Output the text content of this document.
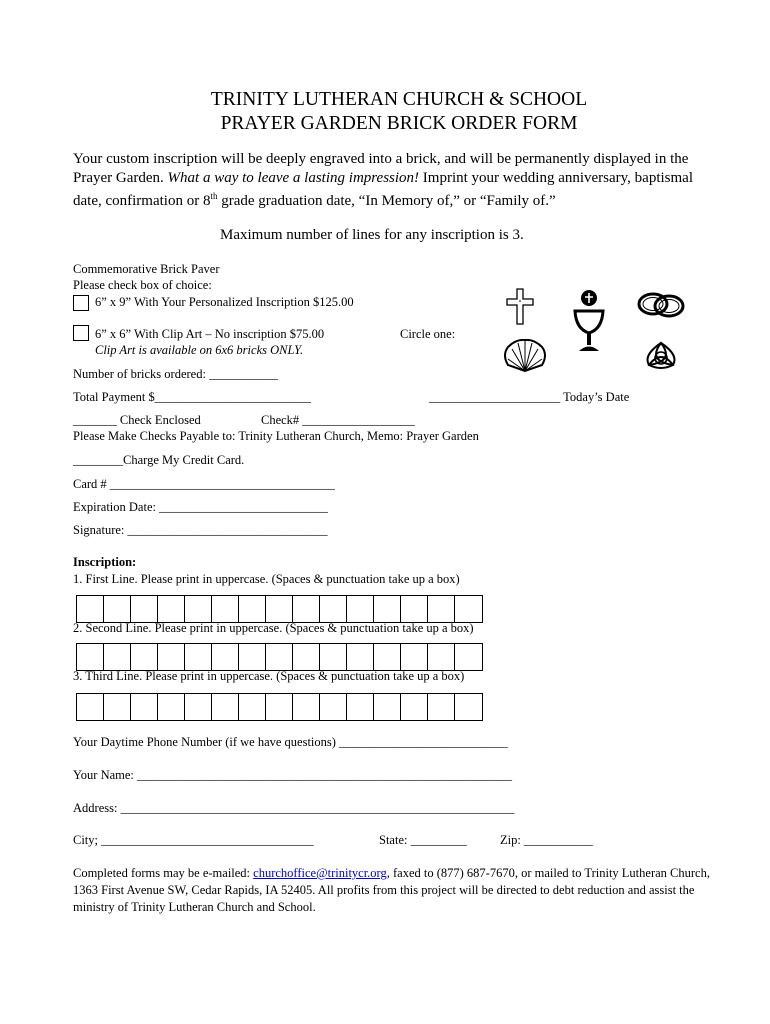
TRINITY LUTHERAN CHURCH & SCHOOL
PRAYER GARDEN BRICK ORDER FORM

Your custom inscription will be deeply engraved into a brick, and will be permanently displayed in the Prayer Garden. What a way to leave a lasting impression! Imprint your wedding anniversary, baptismal date, confirmation or 8th grade graduation date, “In Memory of,” or “Family of.”

Maximum number of lines for any inscription is 3.
Commemorative Brick Paver
Please check box of choice:
6” x 9” With Your Personalized Inscription $125.00
6” x 6” With Clip Art – No inscription $75.00	Circle one:
Clip Art is available on 6x6 bricks ONLY.
Number of bricks ordered: ___________
Total Payment $_________________________	_____________________ Today’s Date
_______ Check Enclosed	Check# __________________
Please Make Checks Payable to: Trinity Lutheran Church, Memo: Prayer Garden
________Charge My Credit Card.
Card # ____________________________________
Expiration Date: ___________________________
Signature: ________________________________
Inscription:
1. First Line. Please print in uppercase. (Spaces & punctuation take up a box)
2. Second Line. Please print in uppercase. (Spaces & punctuation take up a box)
3. Third Line. Please print in uppercase. (Spaces & punctuation take up a box)
Your Daytime Phone Number (if we have questions) ___________________________
Your Name: ____________________________________________________________
Address: _______________________________________________________________
City; __________________________________	State: _________	Zip: ___________

Completed forms may be e-mailed: churchoffice@trinitycr.org, faxed to (877) 687-7670, or mailed to Trinity Lutheran Church, 1363 First Avenue SW, Cedar Rapids, IA 52405. All profits from this project will be directed to debt reduction and assist the ministry of Trinity Lutheran Church and School.
